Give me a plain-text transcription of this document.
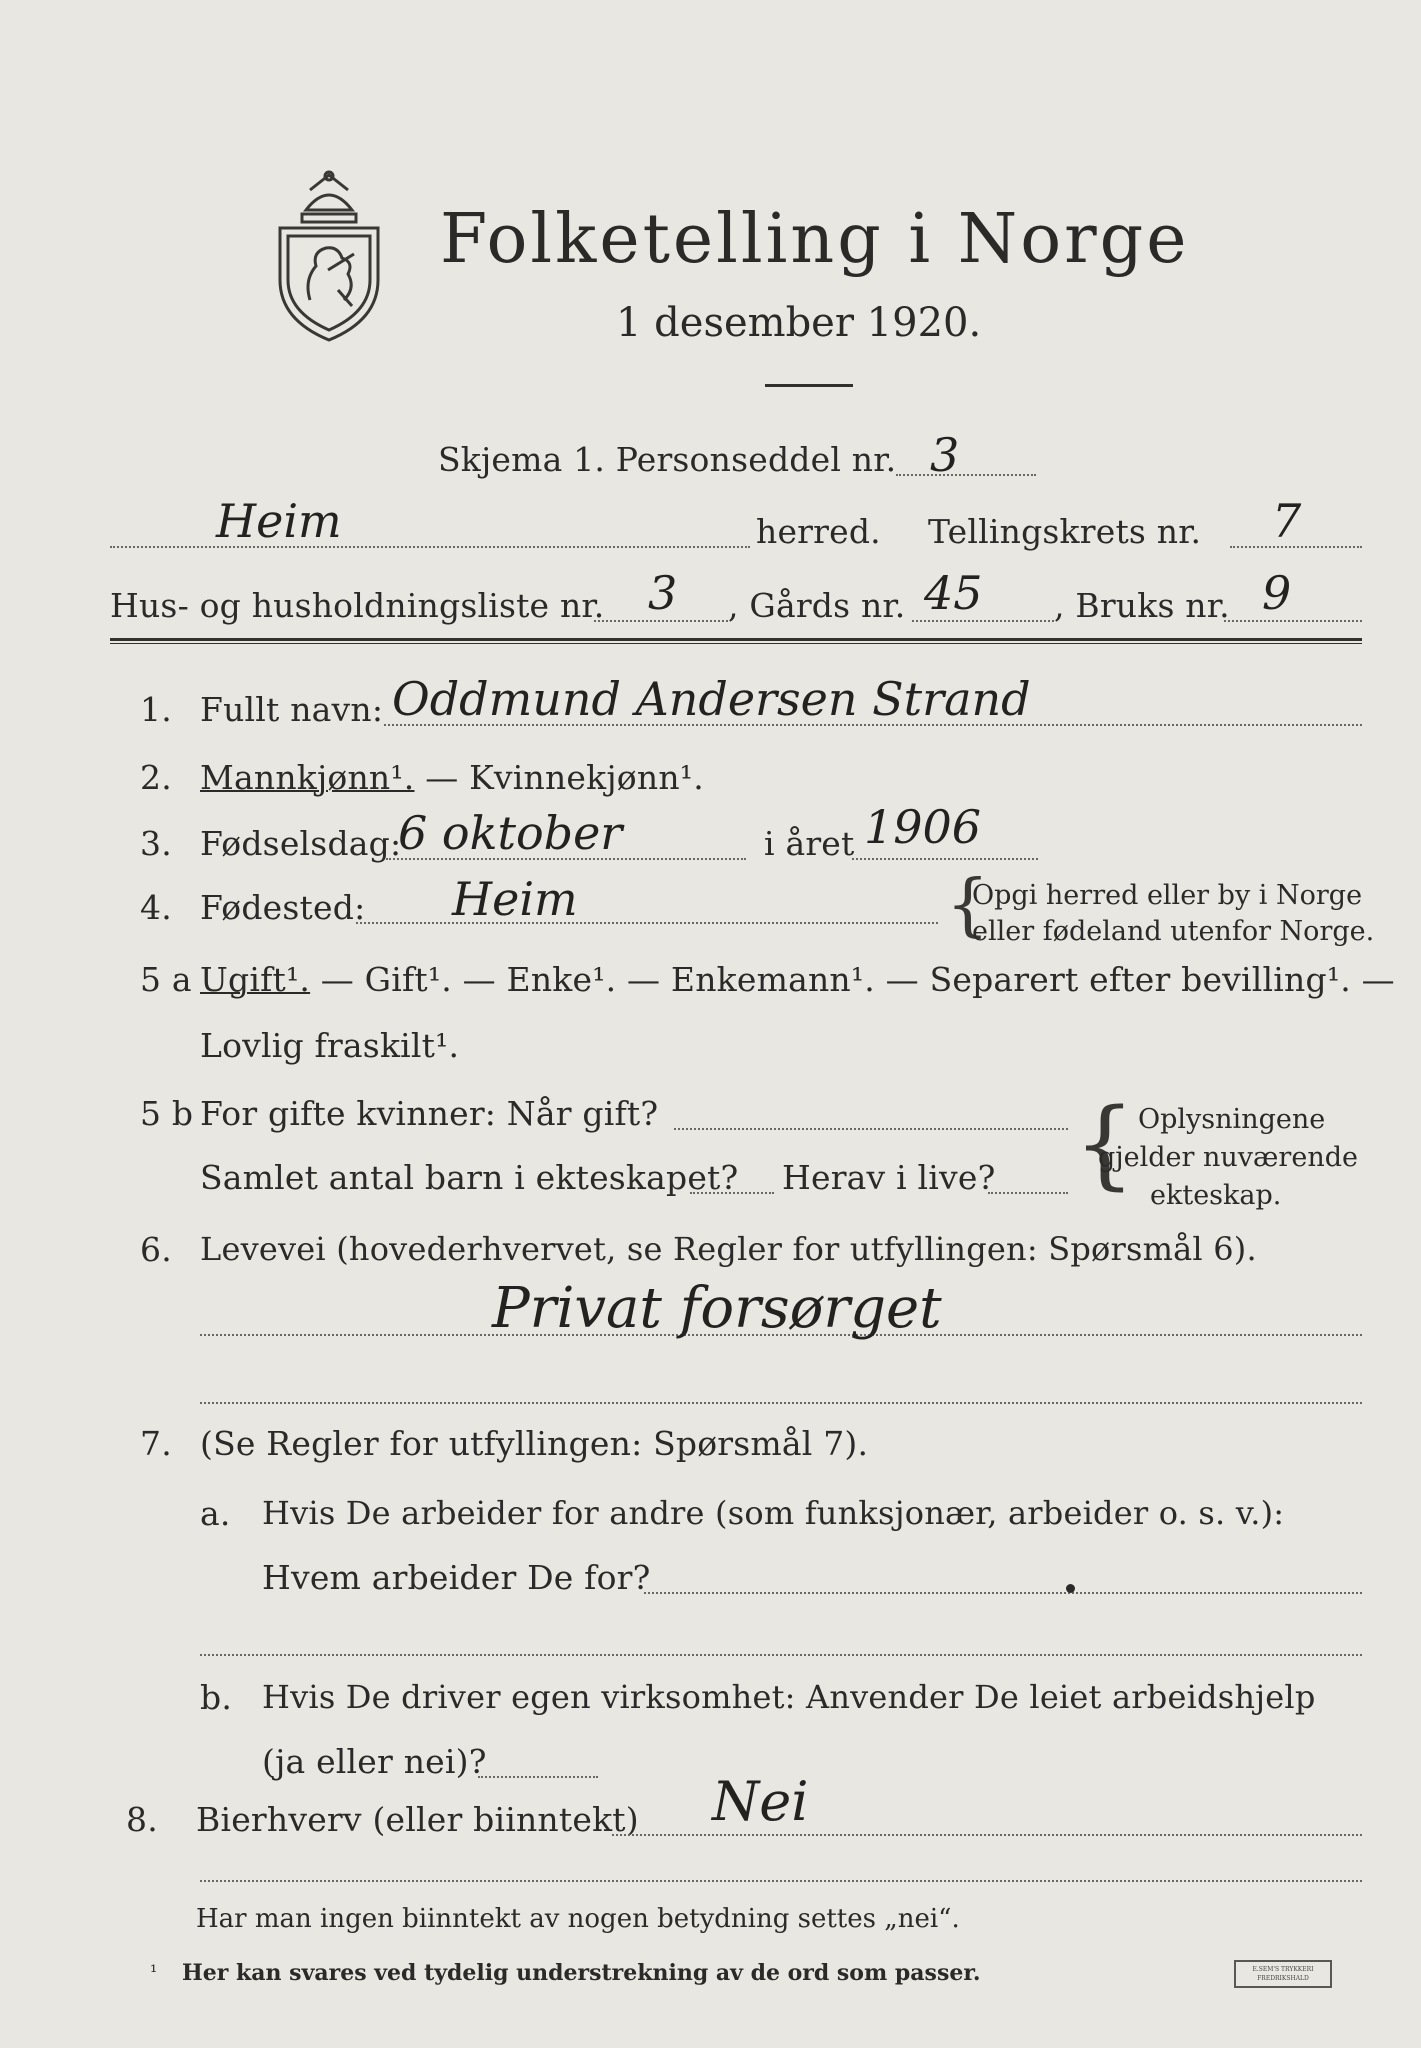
Folketelling i Norge
1 desember 1920.
Skjema 1. Personseddel nr. 3
Heim	herred. Tellingskrets nr. 7
Hus- og husholdningsliste nr. 3 , Gårds nr. 45 , Bruks nr. 9
1. Fullt navn: Oddmund Andersen Strand
2. Mannkjønn¹. — Kvinnekjønn¹.
3. Fødselsdag:
6 oktober	i året 1906
4. Fødested: Heim	{
Opgi herred eller by i Norge
eller fødeland utenfor Norge.
5 a Ugift¹. — Gift¹. — Enke¹. — Enkemann¹. — Separert efter bevilling¹. —
Lovlig fraskilt¹.
5 b For gifte kvinner: Når gift?
Samlet antal barn i ekteskapet? Herav i live? { Oplysningene
gjelder nuværende
ekteskap.
6. Levevei (hovederhvervet, se Regler for utfyllingen: Spørsmål 6).
Privat forsørget
7. (Se Regler for utfyllingen: Spørsmål 7).
a. Hvis De arbeider for andre (som funksjonær, arbeider o. s. v.):
Hvem arbeider De for?
b. Hvis De driver egen virksomhet: Anvender De leiet arbeidshjelp
(ja eller nei)?
8. Bierhverv (eller biinntekt) Nei
Har man ingen biinntekt av nogen betydning settes „nei“.
¹ Her kan svares ved tydelig understrekning av de ord som passer.	E.SEM'S TRYKKERI FREDRIKSHALD
